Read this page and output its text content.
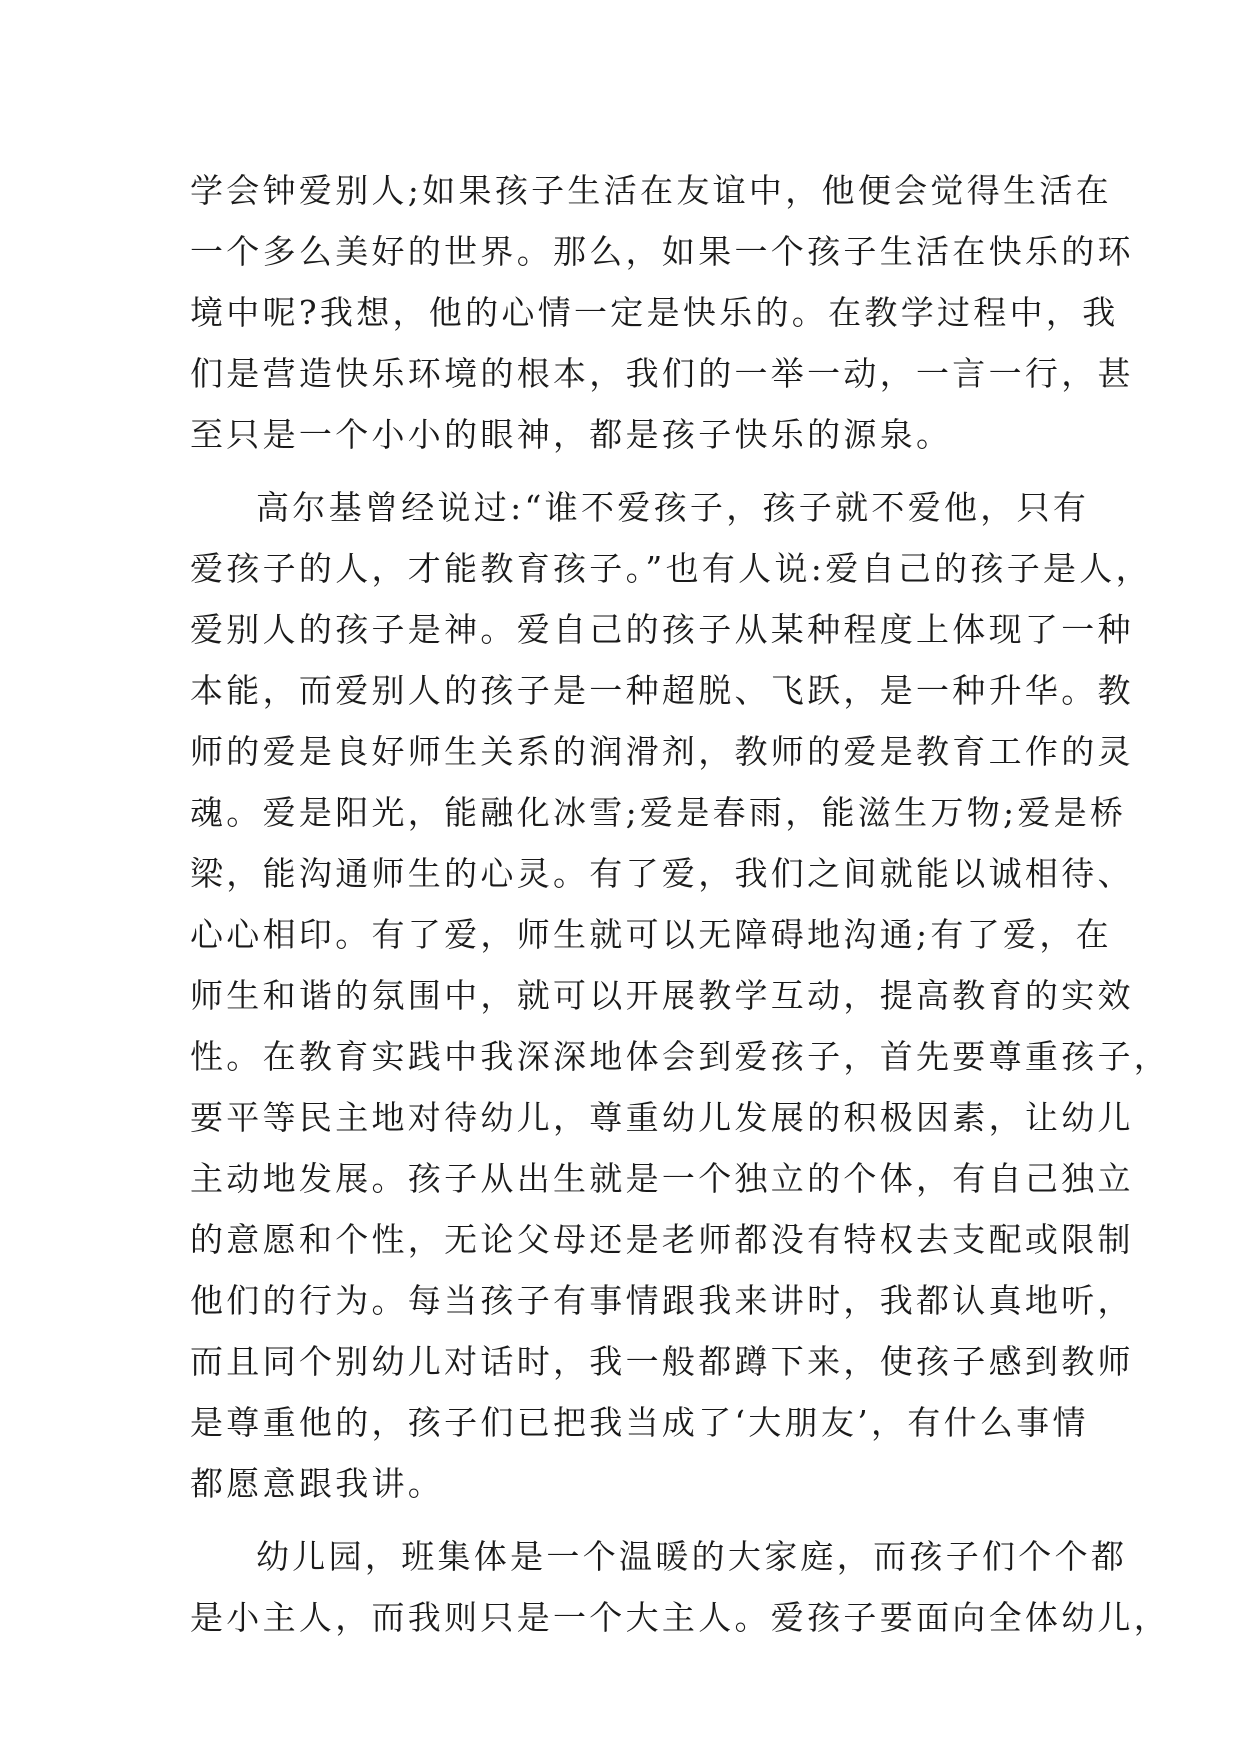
学会钟爱别人;如果孩子生活在友谊中，他便会觉得生活在
一个多么美好的世界。那么，如果一个孩子生活在快乐的环
境中呢?我想，他的心情一定是快乐的。在教学过程中，我
们是营造快乐环境的根本，我们的一举一动，一言一行，甚
至只是一个小小的眼神，都是孩子快乐的源泉。
高尔基曾经说过:“谁不爱孩子，孩子就不爱他，只有
爱孩子的人，才能教育孩子。”也有人说:爱自己的孩子是人，
爱别人的孩子是神。爱自己的孩子从某种程度上体现了一种
本能，而爱别人的孩子是一种超脱、飞跃，是一种升华。教
师的爱是良好师生关系的润滑剂，教师的爱是教育工作的灵
魂。爱是阳光，能融化冰雪;爱是春雨，能滋生万物;爱是桥
梁，能沟通师生的心灵。有了爱，我们之间就能以诚相待、
心心相印。有了爱，师生就可以无障碍地沟通;有了爱，在
师生和谐的氛围中，就可以开展教学互动，提高教育的实效
性。在教育实践中我深深地体会到爱孩子，首先要尊重孩子，
要平等民主地对待幼儿，尊重幼儿发展的积极因素，让幼儿
主动地发展。孩子从出生就是一个独立的个体，有自己独立
的意愿和个性，无论父母还是老师都没有特权去支配或限制
他们的行为。每当孩子有事情跟我来讲时，我都认真地听，
而且同个别幼儿对话时，我一般都蹲下来，使孩子感到教师
是尊重他的，孩子们已把我当成了‘大朋友’，有什么事情
都愿意跟我讲。
幼儿园，班集体是一个温暖的大家庭，而孩子们个个都
是小主人，而我则只是一个大主人。爱孩子要面向全体幼儿，
